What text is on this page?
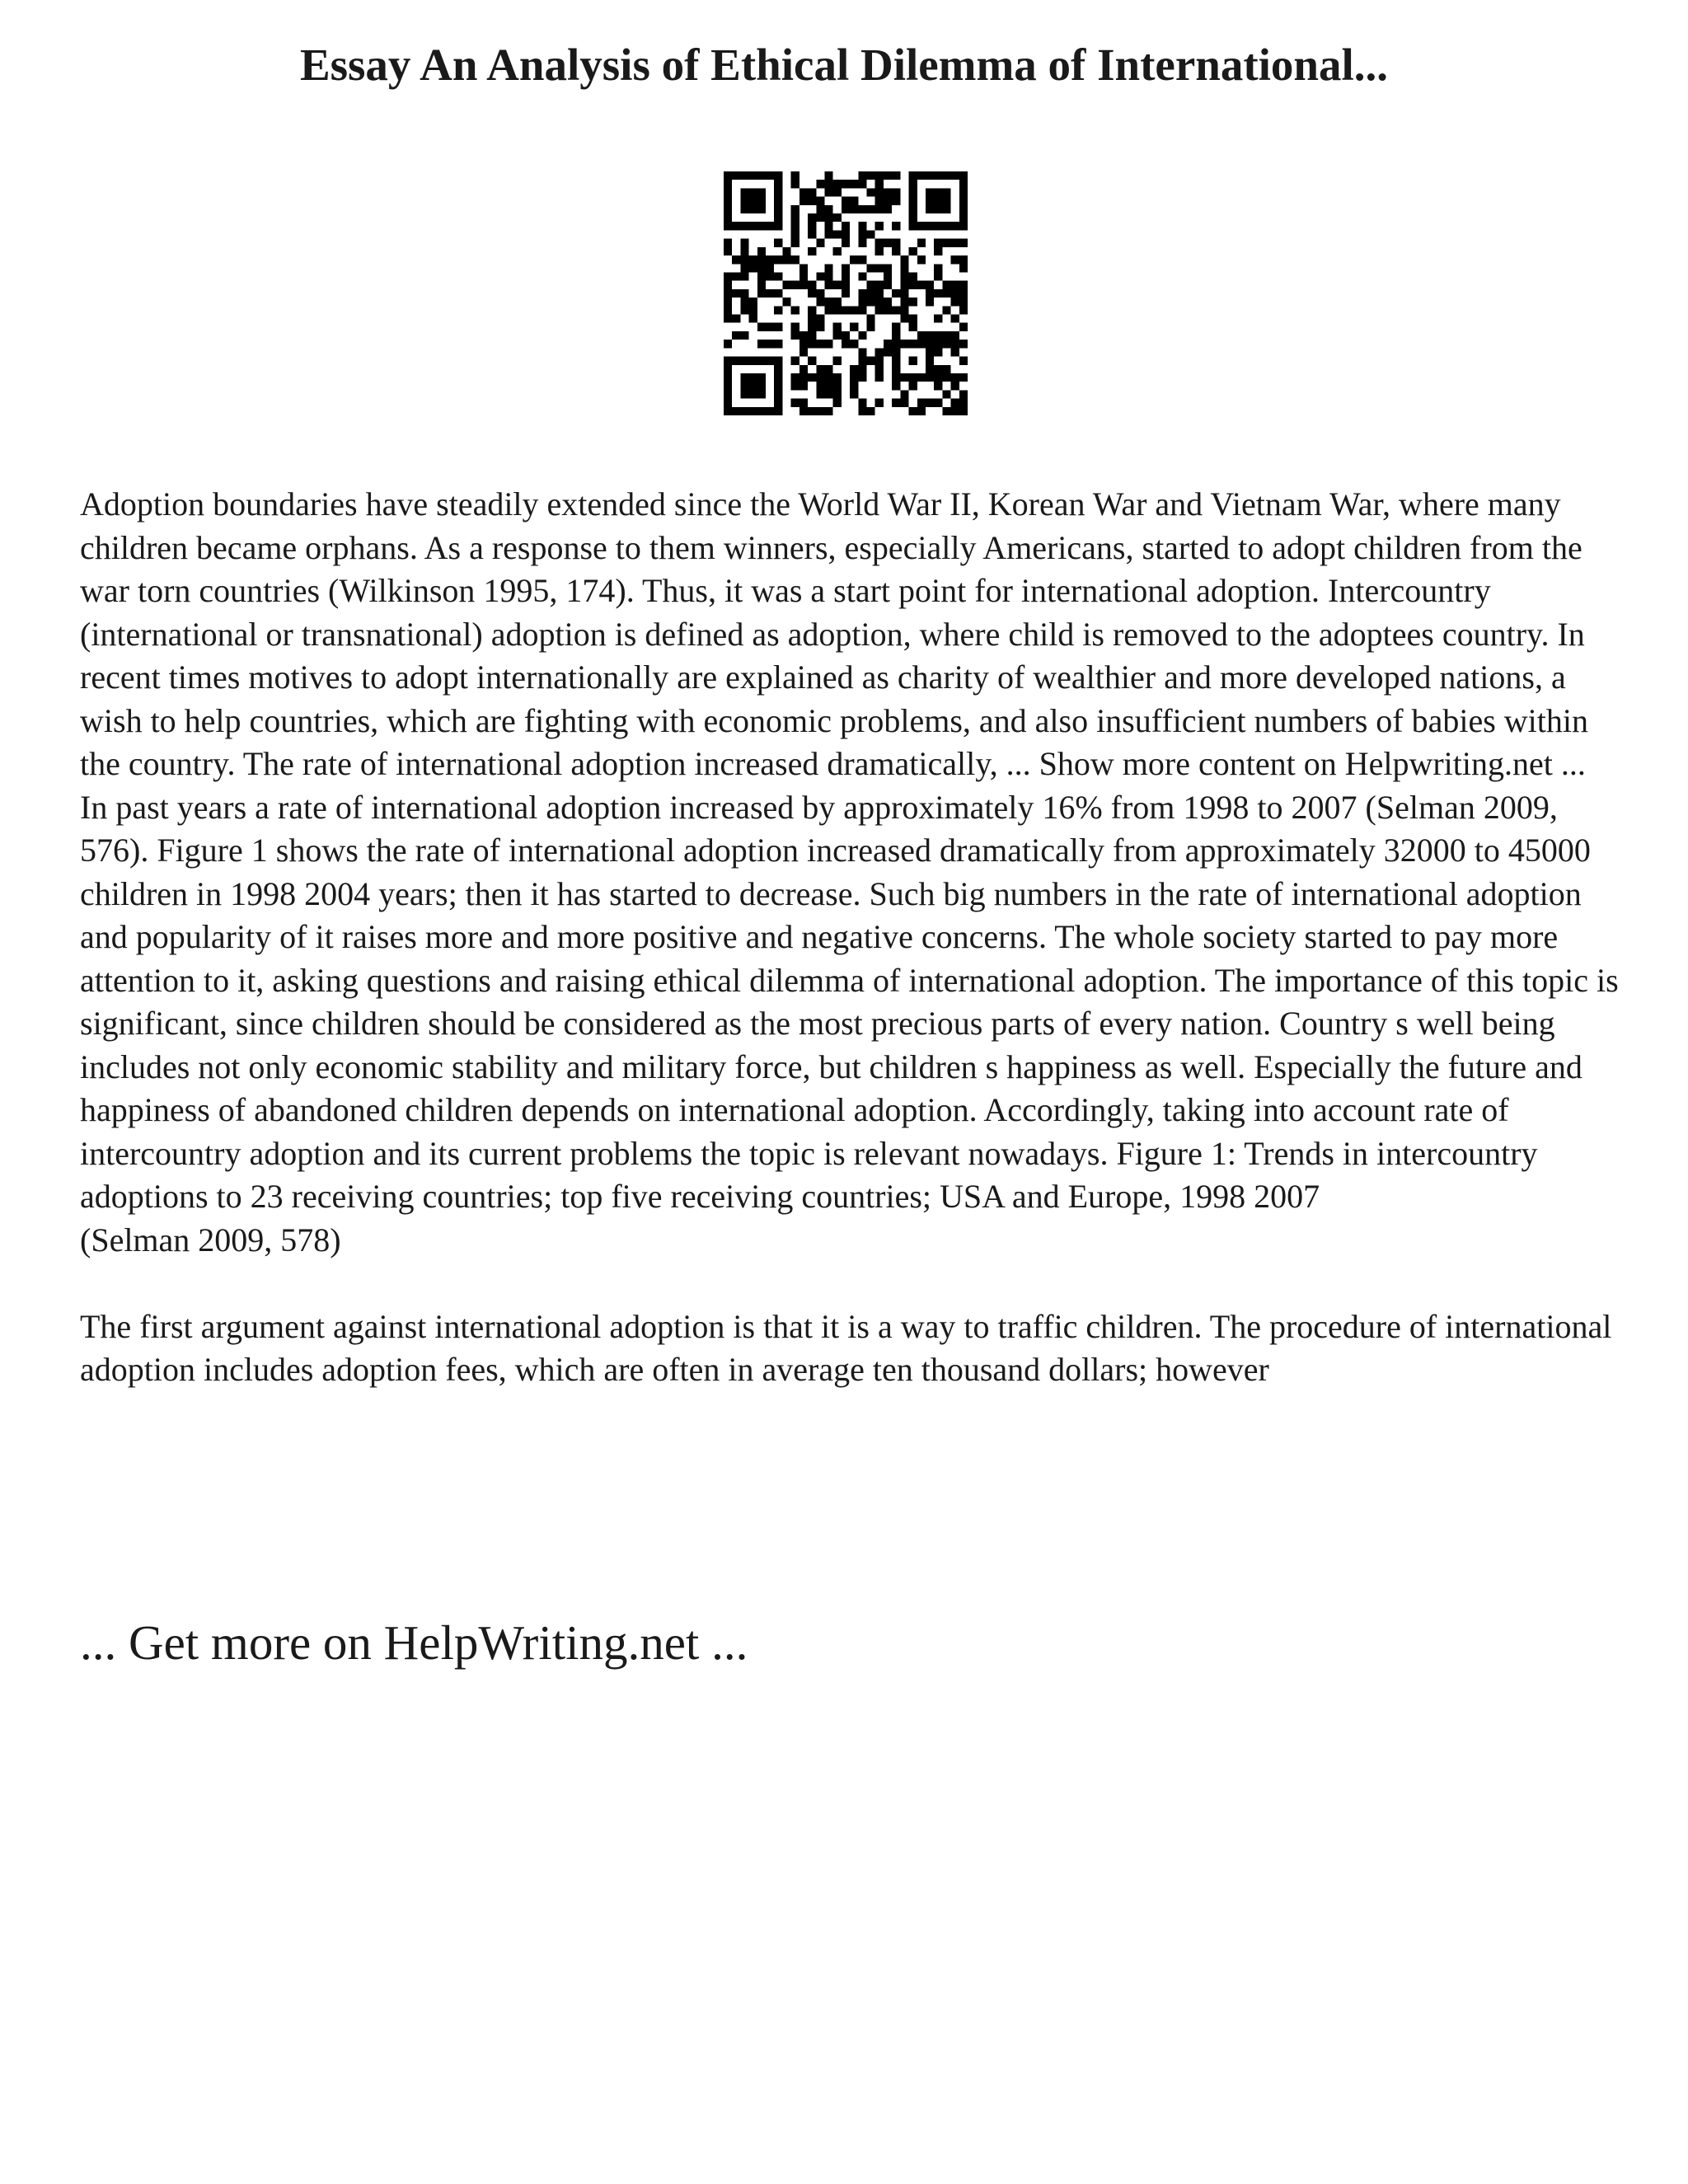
Essay An Analysis of Ethical Dilemma of International...

Adoption boundaries have steadily extended since the World War II, Korean War and Vietnam War, where many children became orphans. As a response to them winners, especially Americans, started to adopt children from the war torn countries (Wilkinson 1995, 174). Thus, it was a start point for international adoption. Intercountry (international or transnational) adoption is defined as adoption, where child is removed to the adoptees country. In recent times motives to adopt internationally are explained as charity of wealthier and more developed nations, a wish to help countries, which are fighting with economic problems, and also insufficient numbers of babies within the country. The rate of international adoption increased dramatically, ... Show more content on Helpwriting.net ...

In past years a rate of international adoption increased by approximately 16% from 1998 to 2007 (Selman 2009, 576). Figure 1 shows the rate of international adoption increased dramatically from approximately 32000 to 45000 children in 1998 2004 years; then it has started to decrease. Such big numbers in the rate of international adoption and popularity of it raises more and more positive and negative concerns. The whole society started to pay more attention to it, asking questions and raising ethical dilemma of international adoption. The importance of this topic is significant, since children should be considered as the most precious parts of every nation. Country s well being includes not only economic stability and military force, but children s happiness as well. Especially the future and happiness of abandoned children depends on international adoption. Accordingly, taking into account rate of intercountry adoption and its current problems the topic is relevant nowadays. Figure 1: Trends in intercountry adoptions to 23 receiving countries; top five receiving countries; USA and Europe, 1998 2007

(Selman 2009, 578)

The first argument against international adoption is that it is a way to traffic children. The procedure of international adoption includes adoption fees, which are often in average ten thousand dollars; however

... Get more on HelpWriting.net ...
